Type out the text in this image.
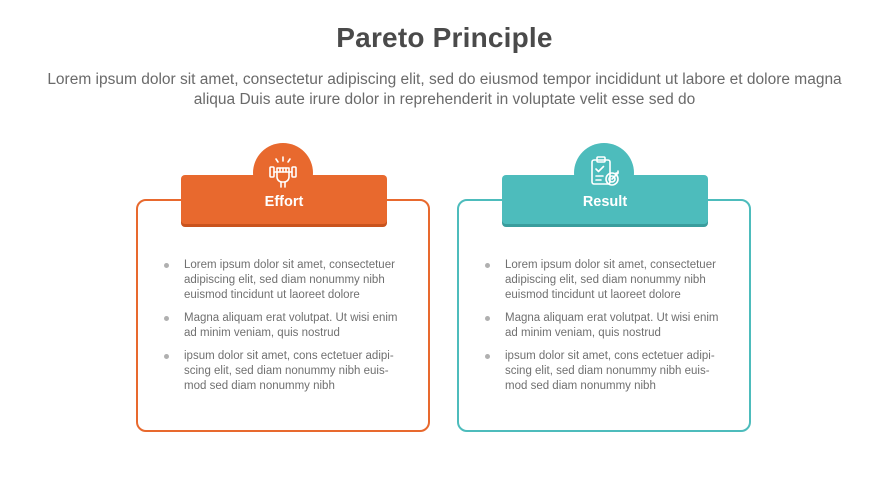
Pareto Principle
Lorem ipsum dolor sit amet, consectetur adipiscing elit, sed do eiusmod tempor incididunt ut labore et dolore magna aliqua Duis aute irure dolor in reprehenderit in voluptate velit esse sed do
Effort
Lorem ipsum dolor sit amet, consectetuer adipiscing elit, sed diam nonummy nibh euismod tincidunt ut laoreet dolore
Magna aliquam erat volutpat. Ut wisi enim ad minim veniam, quis nostrud
ipsum dolor sit amet, cons ectetuer adipi-scing elit, sed diam nonummy nibh euis-mod sed diam nonummy nibh
Result
Lorem ipsum dolor sit amet, consectetuer adipiscing elit, sed diam nonummy nibh euismod tincidunt ut laoreet dolore
Magna aliquam erat volutpat. Ut wisi enim ad minim veniam, quis nostrud
ipsum dolor sit amet, cons ectetuer adipi-scing elit, sed diam nonummy nibh euis-mod sed diam nonummy nibh
